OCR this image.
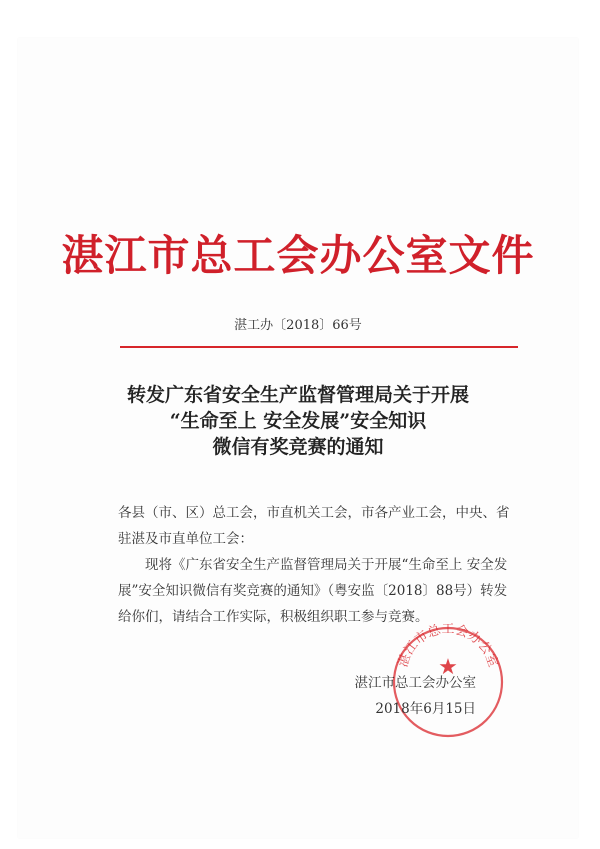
湛江市总工会办公室文件
湛工办〔2018〕66号
转发广东省安全生产监督管理局关于开展
“生命至上 安全发展”安全知识
微信有奖竞赛的通知

各县（市、区）总工会，市直机关工会，市各产业工会，中央、省驻湛及市直单位工会：

现将《广东省安全生产监督管理局关于开展“生命至上 安全发展”安全知识微信有奖竞赛的通知》（粤安监〔2018〕88号）转发给你们，请结合工作实际，积极组织职工参与竞赛。

★
湛江市总工会办公室
湛江市总工会办公室
2018年6月15日
